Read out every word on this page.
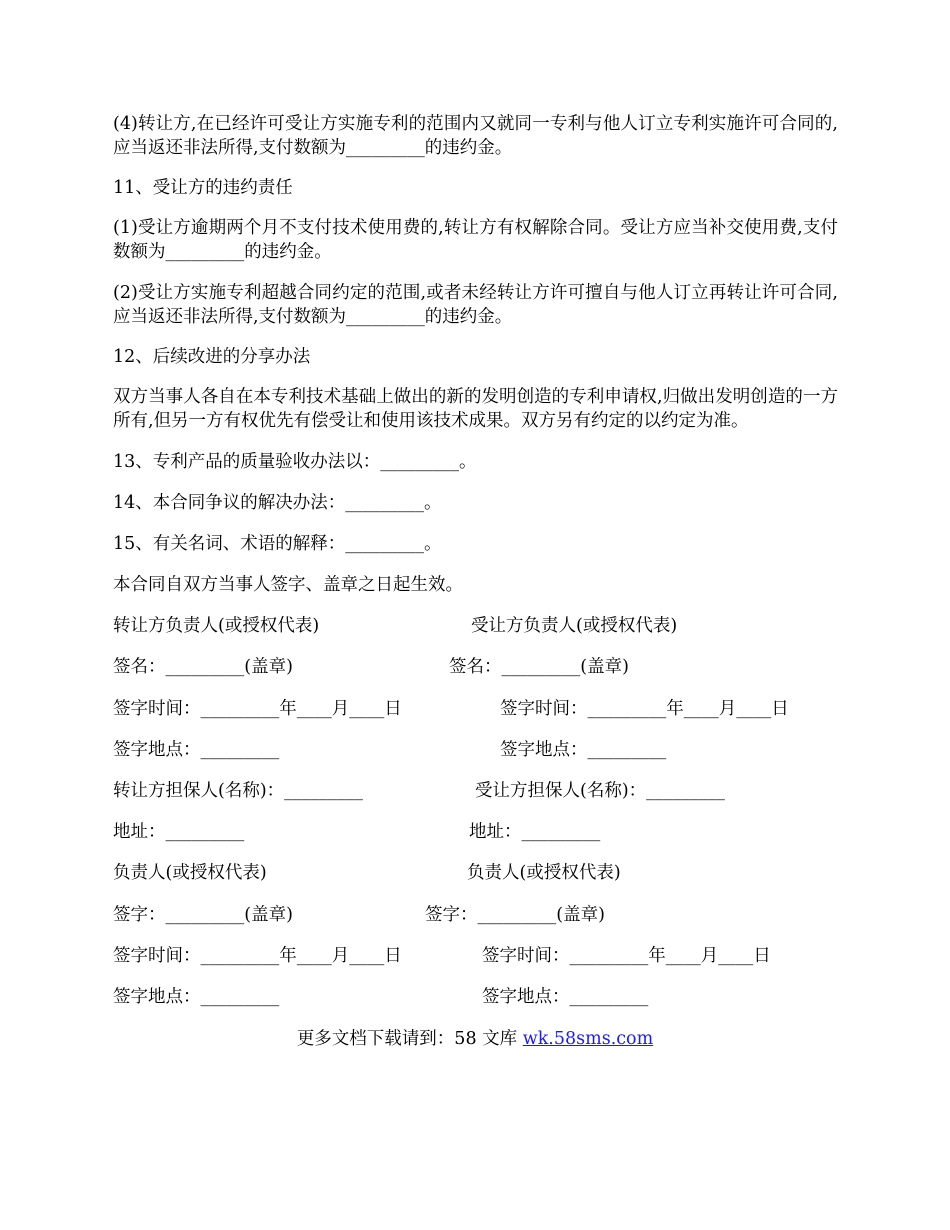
(4)转让方,在已经许可受让方实施专利的范围内又就同一专利与他人订立专利实施许可合同的,应当返还非法所得,支付数额为_________的违约金。

11、受让方的违约责任

(1)受让方逾期两个月不支付技术使用费的,转让方有权解除合同。受让方应当补交使用费,支付数额为_________的违约金。

(2)受让方实施专利超越合同约定的范围,或者未经转让方许可擅自与他人订立再转让许可合同,应当返还非法所得,支付数额为_________的违约金。

12、后续改进的分享办法

双方当事人各自在本专利技术基础上做出的新的发明创造的专利申请权,归做出发明创造的一方所有,但另一方有权优先有偿受让和使用该技术成果。双方另有约定的以约定为准。

13、专利产品的质量验收办法以：_________。

14、本合同争议的解决办法：_________。

15、有关名词、术语的解释：_________。

本合同自双方当事人签字、盖章之日起生效。

转让方负责人(或授权代表)
签名：_________(盖章)
签字时间：_________年____月____日
签字地点：_________
转让方担保人(名称)：_________
地址：_________
负责人(或授权代表)
签字：_________(盖章)
签字时间：_________年____月____日
签字地点：_________
受让方负责人(或授权代表)
签名：_________(盖章)
签字时间：_________年____月____日
签字地点：_________
受让方担保人(名称)：_________
地址：_________
负责人(或授权代表)
签字：_________(盖章)
签字时间：_________年____月____日
签字地点：_________
更多文档下载请到：58 文库 wk.58sms.com
